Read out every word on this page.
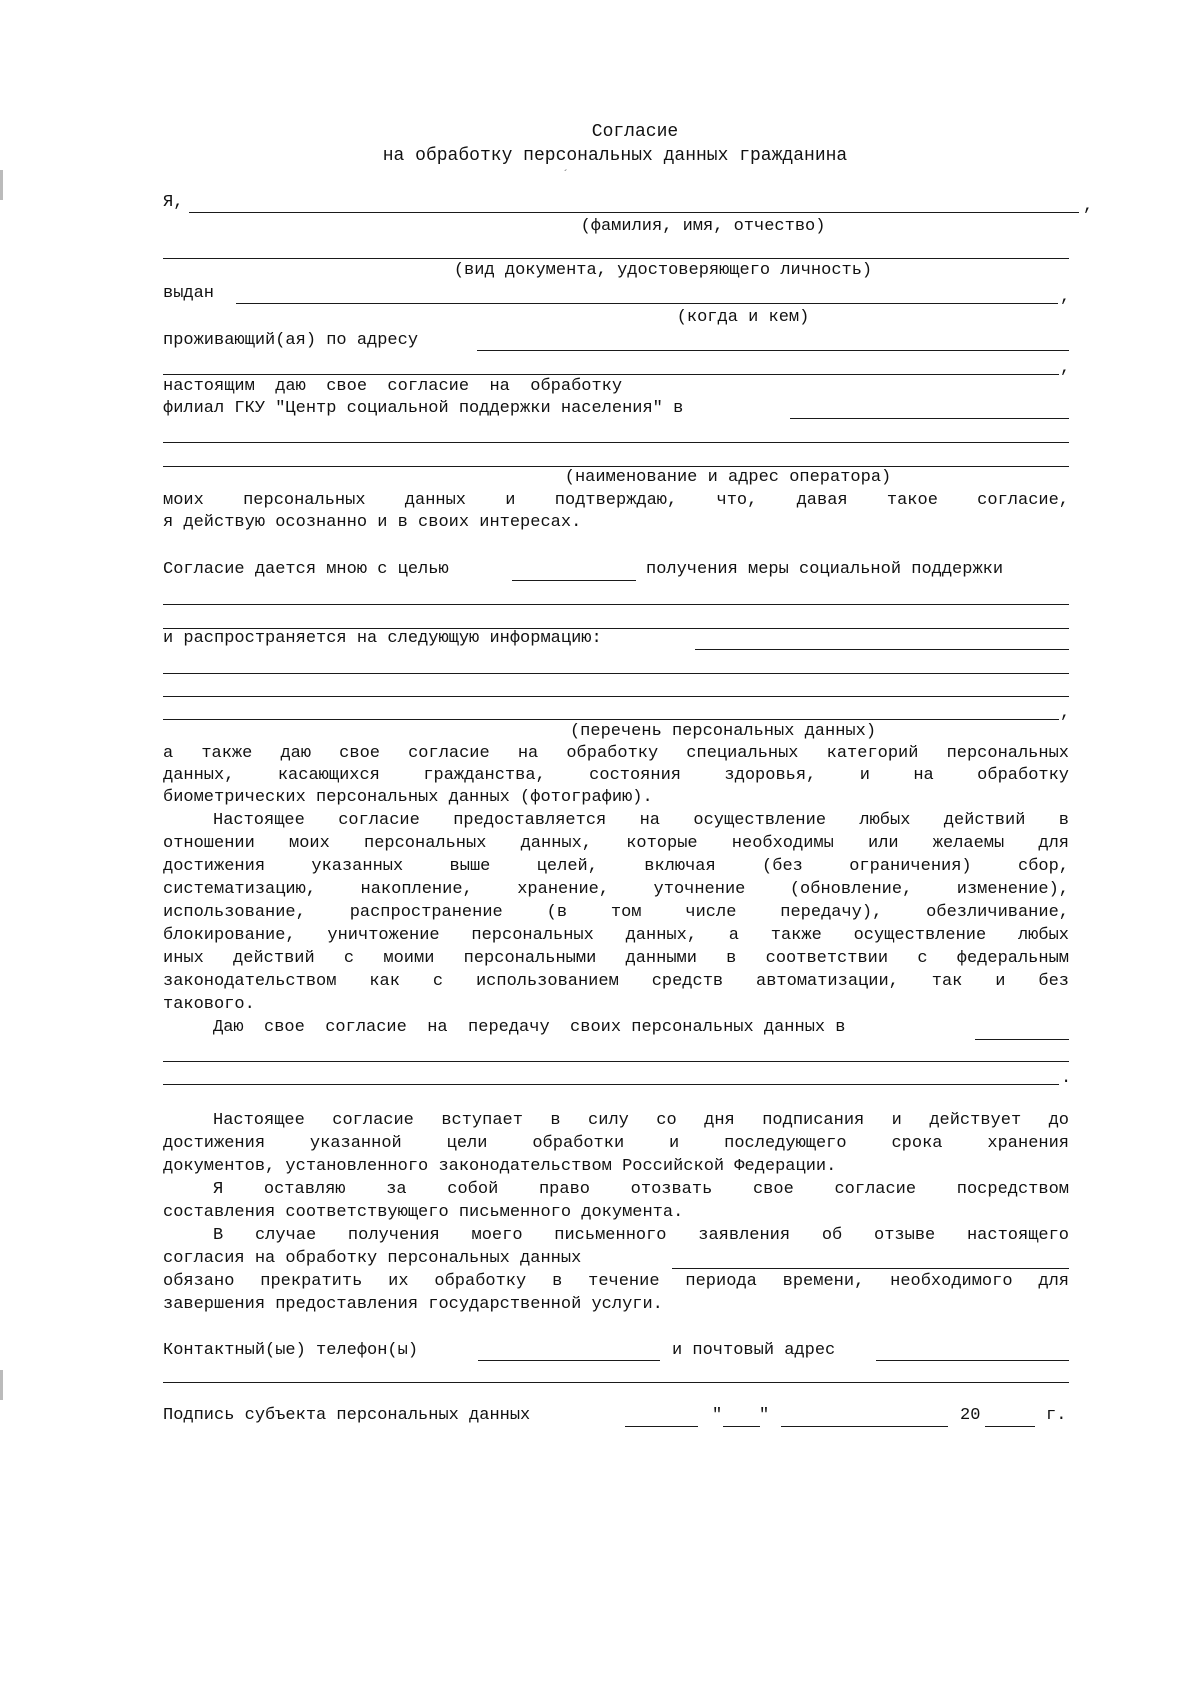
Согласие
на обработку персональных данных гражданина
´
Я,	,
(фамилия, имя, отчество)
(вид документа, удостоверяющего личность)
выдан	,
(когда и кем)
проживающий(ая) по адресу
,
настоящим  даю  свое  согласие  на  обработку
филиал ГКУ "Центр социальной поддержки населения" в
(наименование и адрес оператора)
моих персональных данных и подтверждаю, что, давая такое согласие,
я действую осознанно и в своих интересах.
Согласие дается мною с целью	получения меры социальной поддержки
и распространяется на следующую информацию:
,
(перечень персональных данных)
а также даю свое согласие на обработку специальных категорий персональных
данных, касающихся гражданства, состояния здоровья, и на обработку
биометрических персональных данных (фотографию).
Настоящее согласие предоставляется на осуществление любых действий в
отношении моих персональных данных, которые необходимы или желаемы для
достижения указанных выше целей, включая (без ограничения) сбор,
систематизацию, накопление, хранение, уточнение (обновление, изменение),
использование, распространение (в том числе передачу), обезличивание,
блокирование, уничтожение персональных данных, а также осуществление любых
иных действий с моими персональными данными в соответствии с федеральным
законодательством как с использованием средств автоматизации, так и без
такового.
Даю  свое  согласие  на  передачу  своих персональных данных в
.
Настоящее согласие вступает в силу со дня подписания и действует до
достижения указанной цели обработки и последующего срока хранения
документов, установленного законодательством Российской Федерации.
Я оставляю за собой право отозвать свое согласие посредством
составления соответствующего письменного документа.
В случае получения моего письменного заявления об отзыве настоящего
согласия на обработку персональных данных
обязано прекратить их обработку в течение периода времени, необходимого для
завершения предоставления государственной услуги.
Контактный(ые) телефон(ы)	и почтовый адрес
Подпись субъекта персональных данных	" "	20	г.
